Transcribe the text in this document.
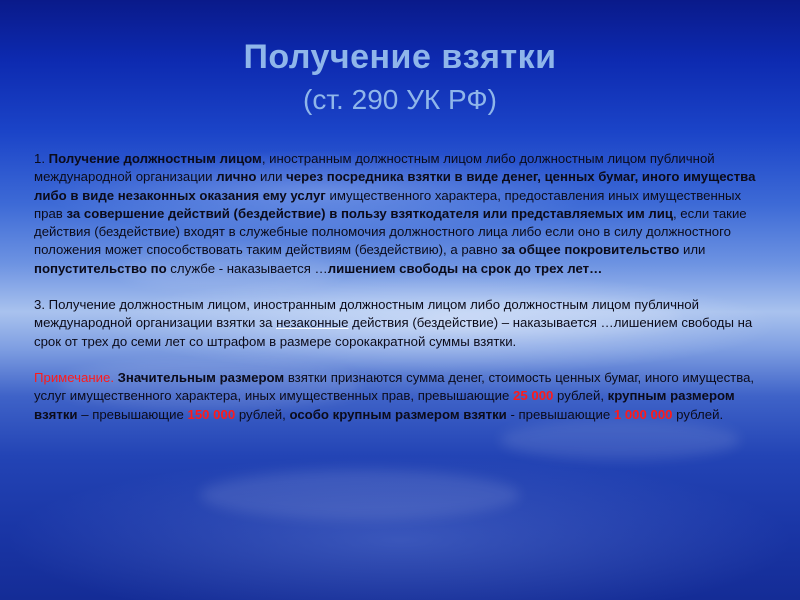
Получение взятки
(ст. 290 УК РФ)

1. Получение должностным лицом, иностранным должностным лицом либо должностным лицом публичной международной организации лично или через посредника взятки в виде денег, ценных бумаг, иного имущества либо в виде незаконных оказания ему услуг имущественного характера, предоставления иных имущественных прав за совершение действий (бездействие) в пользу взяткодателя или представляемых им лиц, если такие действия (бездействие) входят в служебные полномочия должностного лица либо если оно в силу должностного положения может способствовать таким действиям (бездействию), а равно за общее покровительство или попустительство по службе - наказывается …лишением свободы на срок до трех лет…

3. Получение должностным лицом, иностранным должностным лицом либо должностным лицом публичной международной организации взятки за незаконные действия (бездействие) – наказывается …лишением свободы на срок от трех до семи лет со штрафом в размере сорокакратной суммы взятки.

Примечание. Значительным размером взятки признаются сумма денег, стоимость ценных бумаг, иного имущества, услуг имущественного характера, иных имущественных прав, превышающие 25 000 рублей, крупным размером взятки – превышающие 150 000 рублей, особо крупным размером взятки - превышающие 1 000 000 рублей.
